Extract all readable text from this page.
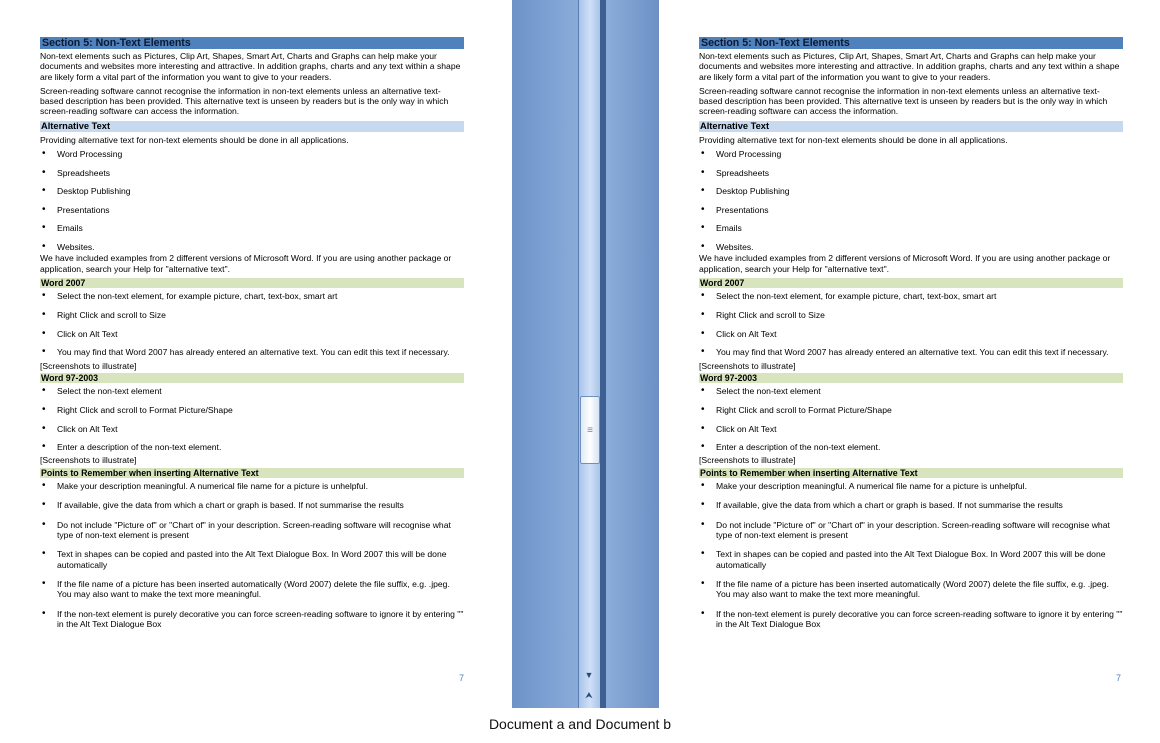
Section 5: Non-Text Elements
Non-text elements such as Pictures, Clip Art, Shapes, Smart Art, Charts and Graphs can help make your documents and websites more interesting and attractive. In addition graphs, charts and any text within a shape are likely form a vital part of the information you want to give to your readers.
Screen-reading software cannot recognise the information in non-text elements unless an alternative text-based description has been provided. This alternative text is unseen by readers but is the only way in which screen-reading software can access the information.
Alternative Text
Providing alternative text for non-text elements should be done in all applications.
• Word Processing
• Spreadsheets
• Desktop Publishing
• Presentations
• Emails
• Websites.
We have included examples from 2 different versions of Microsoft Word. If you are using another package or application, search your Help for "alternative text".
Word 2007
• Select the non-text element, for example picture, chart, text-box, smart art
• Right Click and scroll to Size
• Click on Alt Text
• You may find that Word 2007 has already entered an alternative text. You can edit this text if necessary.
[Screenshots to illustrate]
Word 97-2003
• Select the non-text element
• Right Click and scroll to Format Picture/Shape
• Click on Alt Text
• Enter a description of the non-text element.
[Screenshots to illustrate]
Points to Remember when inserting Alternative Text
• Make your description meaningful. A numerical file name for a picture is unhelpful.
• If available, give the data from which a chart or graph is based. If not summarise the results
• Do not include "Picture of" or "Chart of" in your description. Screen-reading software will recognise what type of non-text element is present
• Text in shapes can be copied and pasted into the Alt Text Dialogue Box. In Word 2007 this will be done automatically
• If the file name of a picture has been inserted automatically (Word 2007) delete the file suffix, e.g. .jpeg. You may also want to make the text more meaningful.
• If the non-text element is purely decorative you can force screen-reading software to ignore it by entering "" in the Alt Text Dialogue Box
7
≡
▼
⮝
Section 5: Non-Text Elements
Non-text elements such as Pictures, Clip Art, Shapes, Smart Art, Charts and Graphs can help make your documents and websites more interesting and attractive. In addition graphs, charts and any text within a shape are likely form a vital part of the information you want to give to your readers.
Screen-reading software cannot recognise the information in non-text elements unless an alternative text-based description has been provided. This alternative text is unseen by readers but is the only way in which screen-reading software can access the information.
Alternative Text
Providing alternative text for non-text elements should be done in all applications.
• Word Processing
• Spreadsheets
• Desktop Publishing
• Presentations
• Emails
• Websites.
We have included examples from 2 different versions of Microsoft Word. If you are using another package or application, search your Help for "alternative text".
Word 2007
• Select the non-text element, for example picture, chart, text-box, smart art
• Right Click and scroll to Size
• Click on Alt Text
• You may find that Word 2007 has already entered an alternative text. You can edit this text if necessary.
[Screenshots to illustrate]
Word 97-2003
• Select the non-text element
• Right Click and scroll to Format Picture/Shape
• Click on Alt Text
• Enter a description of the non-text element.
[Screenshots to illustrate]
Points to Remember when inserting Alternative Text
• Make your description meaningful. A numerical file name for a picture is unhelpful.
• If available, give the data from which a chart or graph is based. If not summarise the results
• Do not include "Picture of" or "Chart of" in your description. Screen-reading software will recognise what type of non-text element is present
• Text in shapes can be copied and pasted into the Alt Text Dialogue Box. In Word 2007 this will be done automatically
• If the file name of a picture has been inserted automatically (Word 2007) delete the file suffix, e.g. .jpeg. You may also want to make the text more meaningful.
• If the non-text element is purely decorative you can force screen-reading software to ignore it by entering "" in the Alt Text Dialogue Box
7
Document a and Document b
